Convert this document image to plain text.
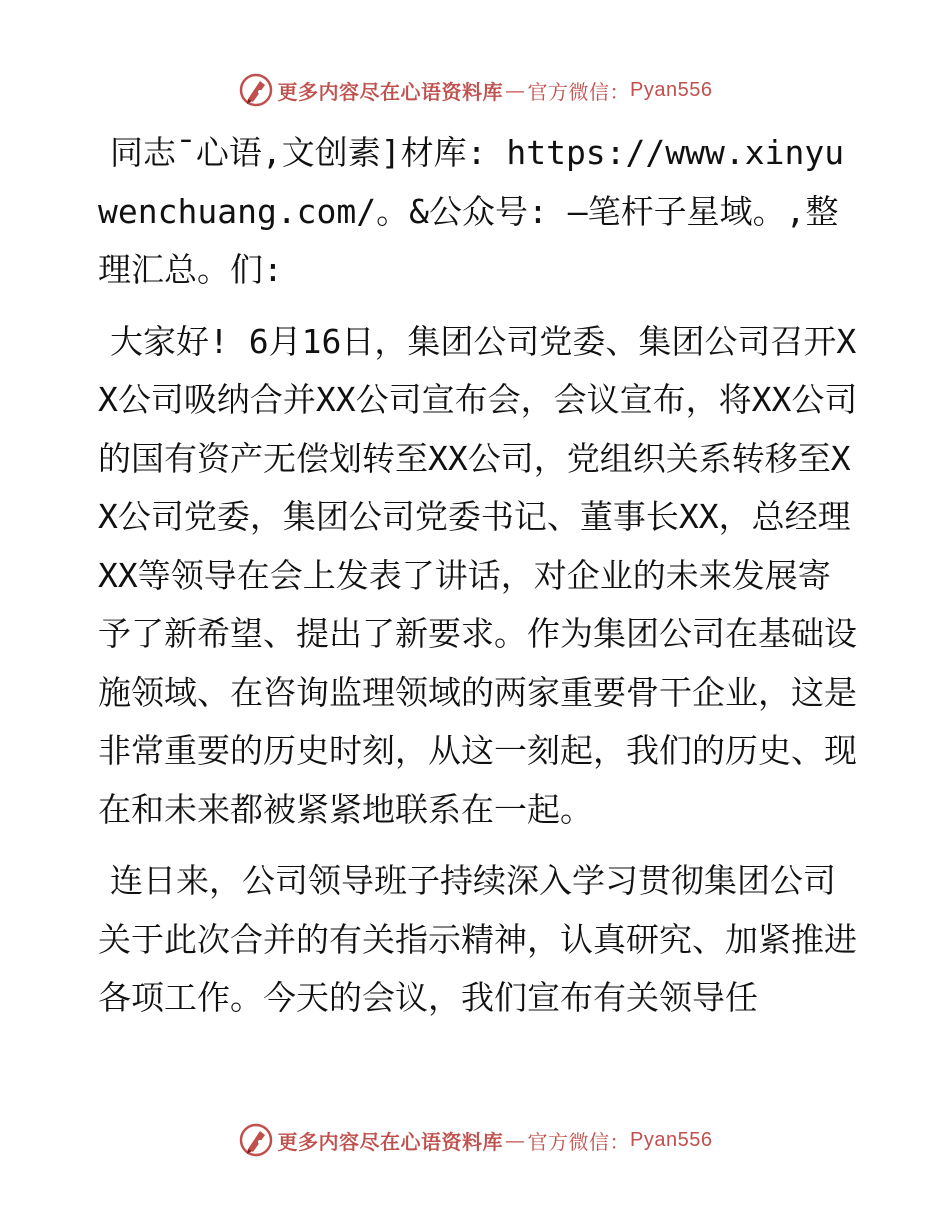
更多内容尽在心语资料库 — 官方微信： Pyan556

同志¯心语,文创素]材库: https://www.xinyuwenchuang.com/。&公众号: —笔杆子星域。,整理汇总。们:

大家好! 6月16日，集团公司党委、集团公司召开XX公司吸纳合并XX公司宣布会，会议宣布，将XX公司的国有资产无偿划转至XX公司，党组织关系转移至XX公司党委，集团公司党委书记、董事长XX，总经理XX等领导在会上发表了讲话，对企业的未来发展寄予了新希望、提出了新要求。作为集团公司在基础设施领域、在咨询监理领域的两家重要骨干企业，这是非常重要的历史时刻，从这一刻起，我们的历史、现在和未来都被紧紧地联系在一起。

连日来，公司领导班子持续深入学习贯彻集团公司关于此次合并的有关指示精神，认真研究、加紧推进各项工作。今天的会议，我们宣布有关领导任

更多内容尽在心语资料库 — 官方微信： Pyan556
